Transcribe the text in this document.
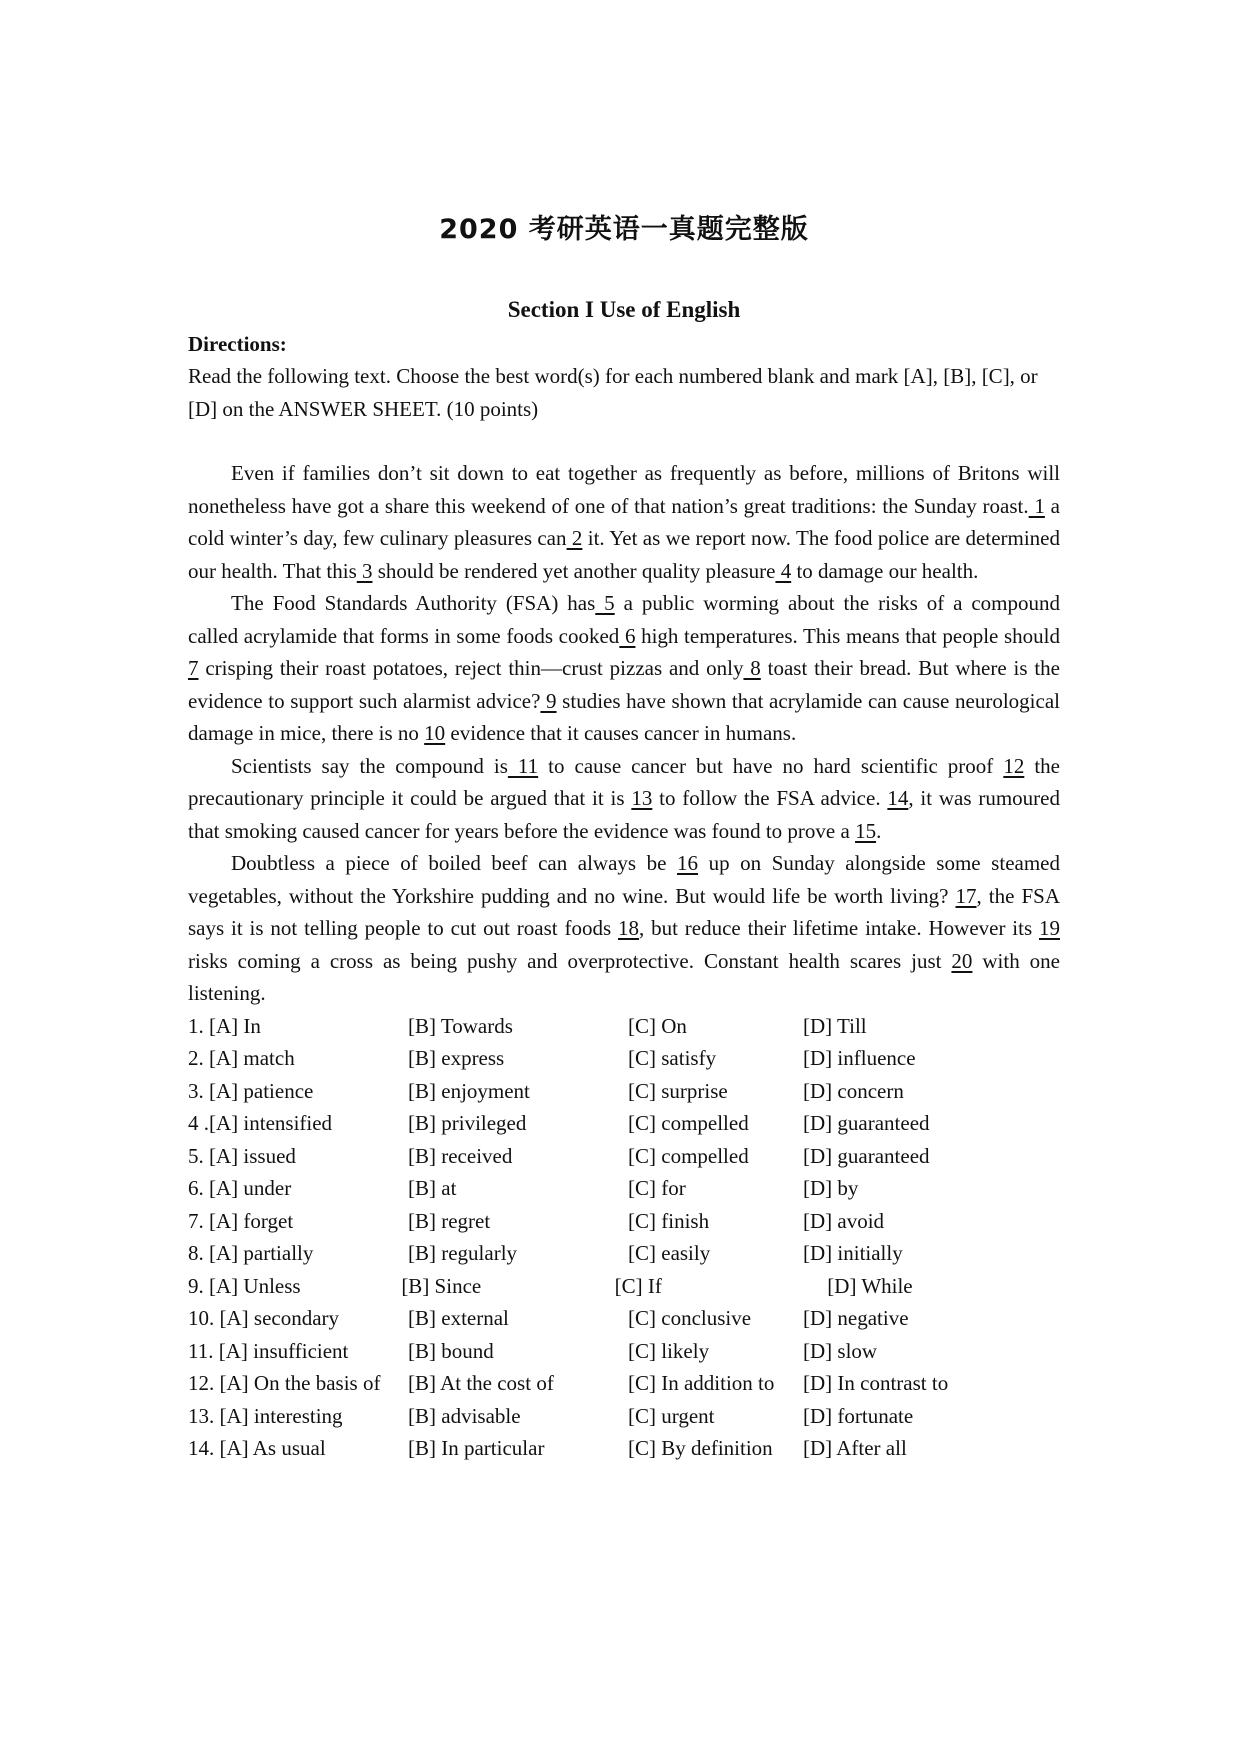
2020 考研英语一真题完整版
Section I Use of English
Directions:

Read the following text. Choose the best word(s) for each numbered blank and mark [A], [B], [C], or [D] on the ANSWER SHEET. (10 points)

Even if families don’t sit down to eat together as frequently as before, millions of Britons will nonetheless have got a share this weekend of one of that nation’s great traditions: the Sunday roast. 1 a cold winter’s day, few culinary pleasures can 2 it. Yet as we report now. The food police are determined our health. That this 3 should be rendered yet another quality pleasure 4 to damage our health.

The Food Standards Authority (FSA) has 5 a public worming about the risks of a compound called acrylamide that forms in some foods cooked 6 high temperatures. This means that people should 7 crisping their roast potatoes, reject thin—crust pizzas and only 8 toast their bread. But where is the evidence to support such alarmist advice? 9 studies have shown that acrylamide can cause neurological damage in mice, there is no 10 evidence that it causes cancer in humans.

Scientists say the compound is 11 to cause cancer but have no hard scientific proof 12 the precautionary principle it could be argued that it is 13 to follow the FSA advice. 14, it was rumoured that smoking caused cancer for years before the evidence was found to prove a 15.

Doubtless a piece of boiled beef can always be 16 up on Sunday alongside some steamed vegetables, without the Yorkshire pudding and no wine. But would life be worth living? 17, the FSA says it is not telling people to cut out roast foods 18, but reduce their lifetime intake. However its 19 risks coming a cross as being pushy and overprotective. Constant health scares just 20 with one listening.

1. [A] In	[B] Towards	[C] On	[D] Till
2. [A] match	[B] express	[C] satisfy	[D] influence
3. [A] patience	[B] enjoyment	[C] surprise	[D] concern
4 .[A] intensified	[B] privileged	[C] compelled	[D] guaranteed
5. [A] issued	[B] received	[C] compelled	[D] guaranteed
6. [A] under	[B] at	[C] for	[D] by
7. [A] forget	[B] regret	[C] finish	[D] avoid
8. [A] partially	[B] regularly	[C] easily	[D] initially
9. [A] Unless	[B] Since	[C] If	[D] While
10. [A] secondary	[B] external	[C] conclusive	[D] negative
11. [A] insufficient	[B] bound	[C] likely	[D] slow
12. [A] On the basis of	[B] At the cost of	[C] In addition to	[D] In contrast to
13. [A] interesting	[B] advisable	[C] urgent	[D] fortunate
14. [A] As usual	[B] In particular	[C] By definition	[D] After all
